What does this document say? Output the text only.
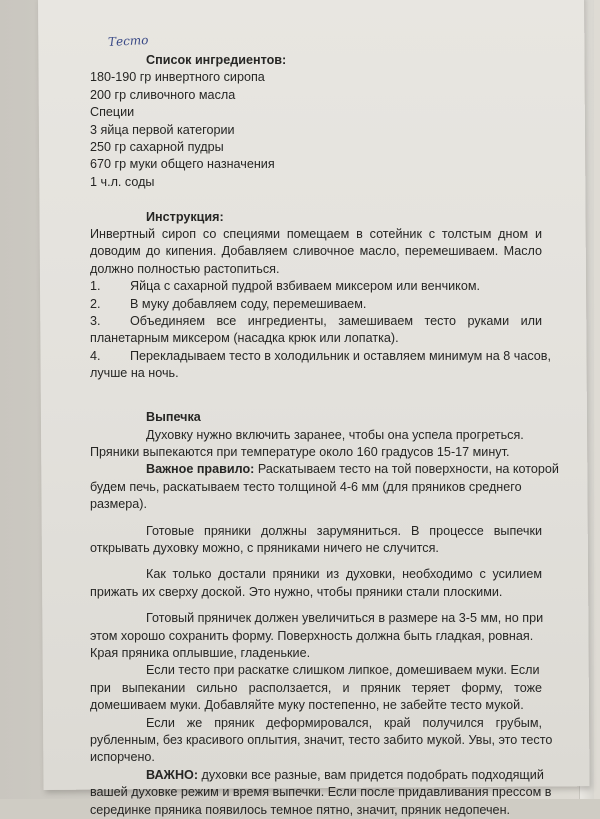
Тесто

Список ингредиентов:

180-190 гр инвертного сиропа

200 гр сливочного масла

Специи

3 яйца первой категории

250 гр сахарной пудры

670 гр муки общего назначения

1 ч.л. соды

Инструкция:

Инвертный сироп со специями помещаем в сотейник с толстым дном и

доводим до кипения. Добавляем сливочное масло, перемешиваем. Масло

должно полностью растопиться.

1.	Яйца с сахарной пудрой взбиваем миксером или венчиком.
2.	В муку добавляем соду, перемешиваем.
3.	Объединяем все ингредиенты, замешиваем тесто руками или

планетарным миксером (насадка крюк или лопатка).

4.	Перекладываем тесто в холодильник и оставляем минимум на 8 часов,

лучше на ночь.

Выпечка

Духовку нужно включить заранее, чтобы она успела прогреться.

Пряники выпекаются при температуре около 160 градусов 15-17 минут.

Важное правило: Раскатываем тесто на той поверхности, на которой

будем печь, раскатываем тесто толщиной 4-6 мм (для пряников среднего

размера).

Готовые пряники должны зарумяниться. В процессе выпечки

открывать духовку можно, с пряниками ничего не случится.

Как только достали пряники из духовки, необходимо с усилием

прижать их сверху доской. Это нужно, чтобы пряники стали плоскими.

Готовый пряничек должен увеличиться в размере на 3-5 мм, но при

этом хорошо сохранить форму. Поверхность должна быть гладкая, ровная.

Края пряника оплывшие, гладенькие.

Если тесто при раскатке слишком липкое, домешиваем муки. Если

при выпекании сильно расползается, и пряник теряет форму, тоже

домешиваем муки. Добавляйте муку постепенно, не забейте тесто мукой.

Если же пряник деформировался, край получился грубым,

рубленным, без красивого оплытия, значит, тесто забито мукой. Увы, это тесто

испорчено.

ВАЖНО: духовки все разные, вам придется подобрать подходящий

вашей духовке режим и время выпечки. Если после придавливания прессом в

серединке пряника появилось темное пятно, значит, пряник недопечен.
